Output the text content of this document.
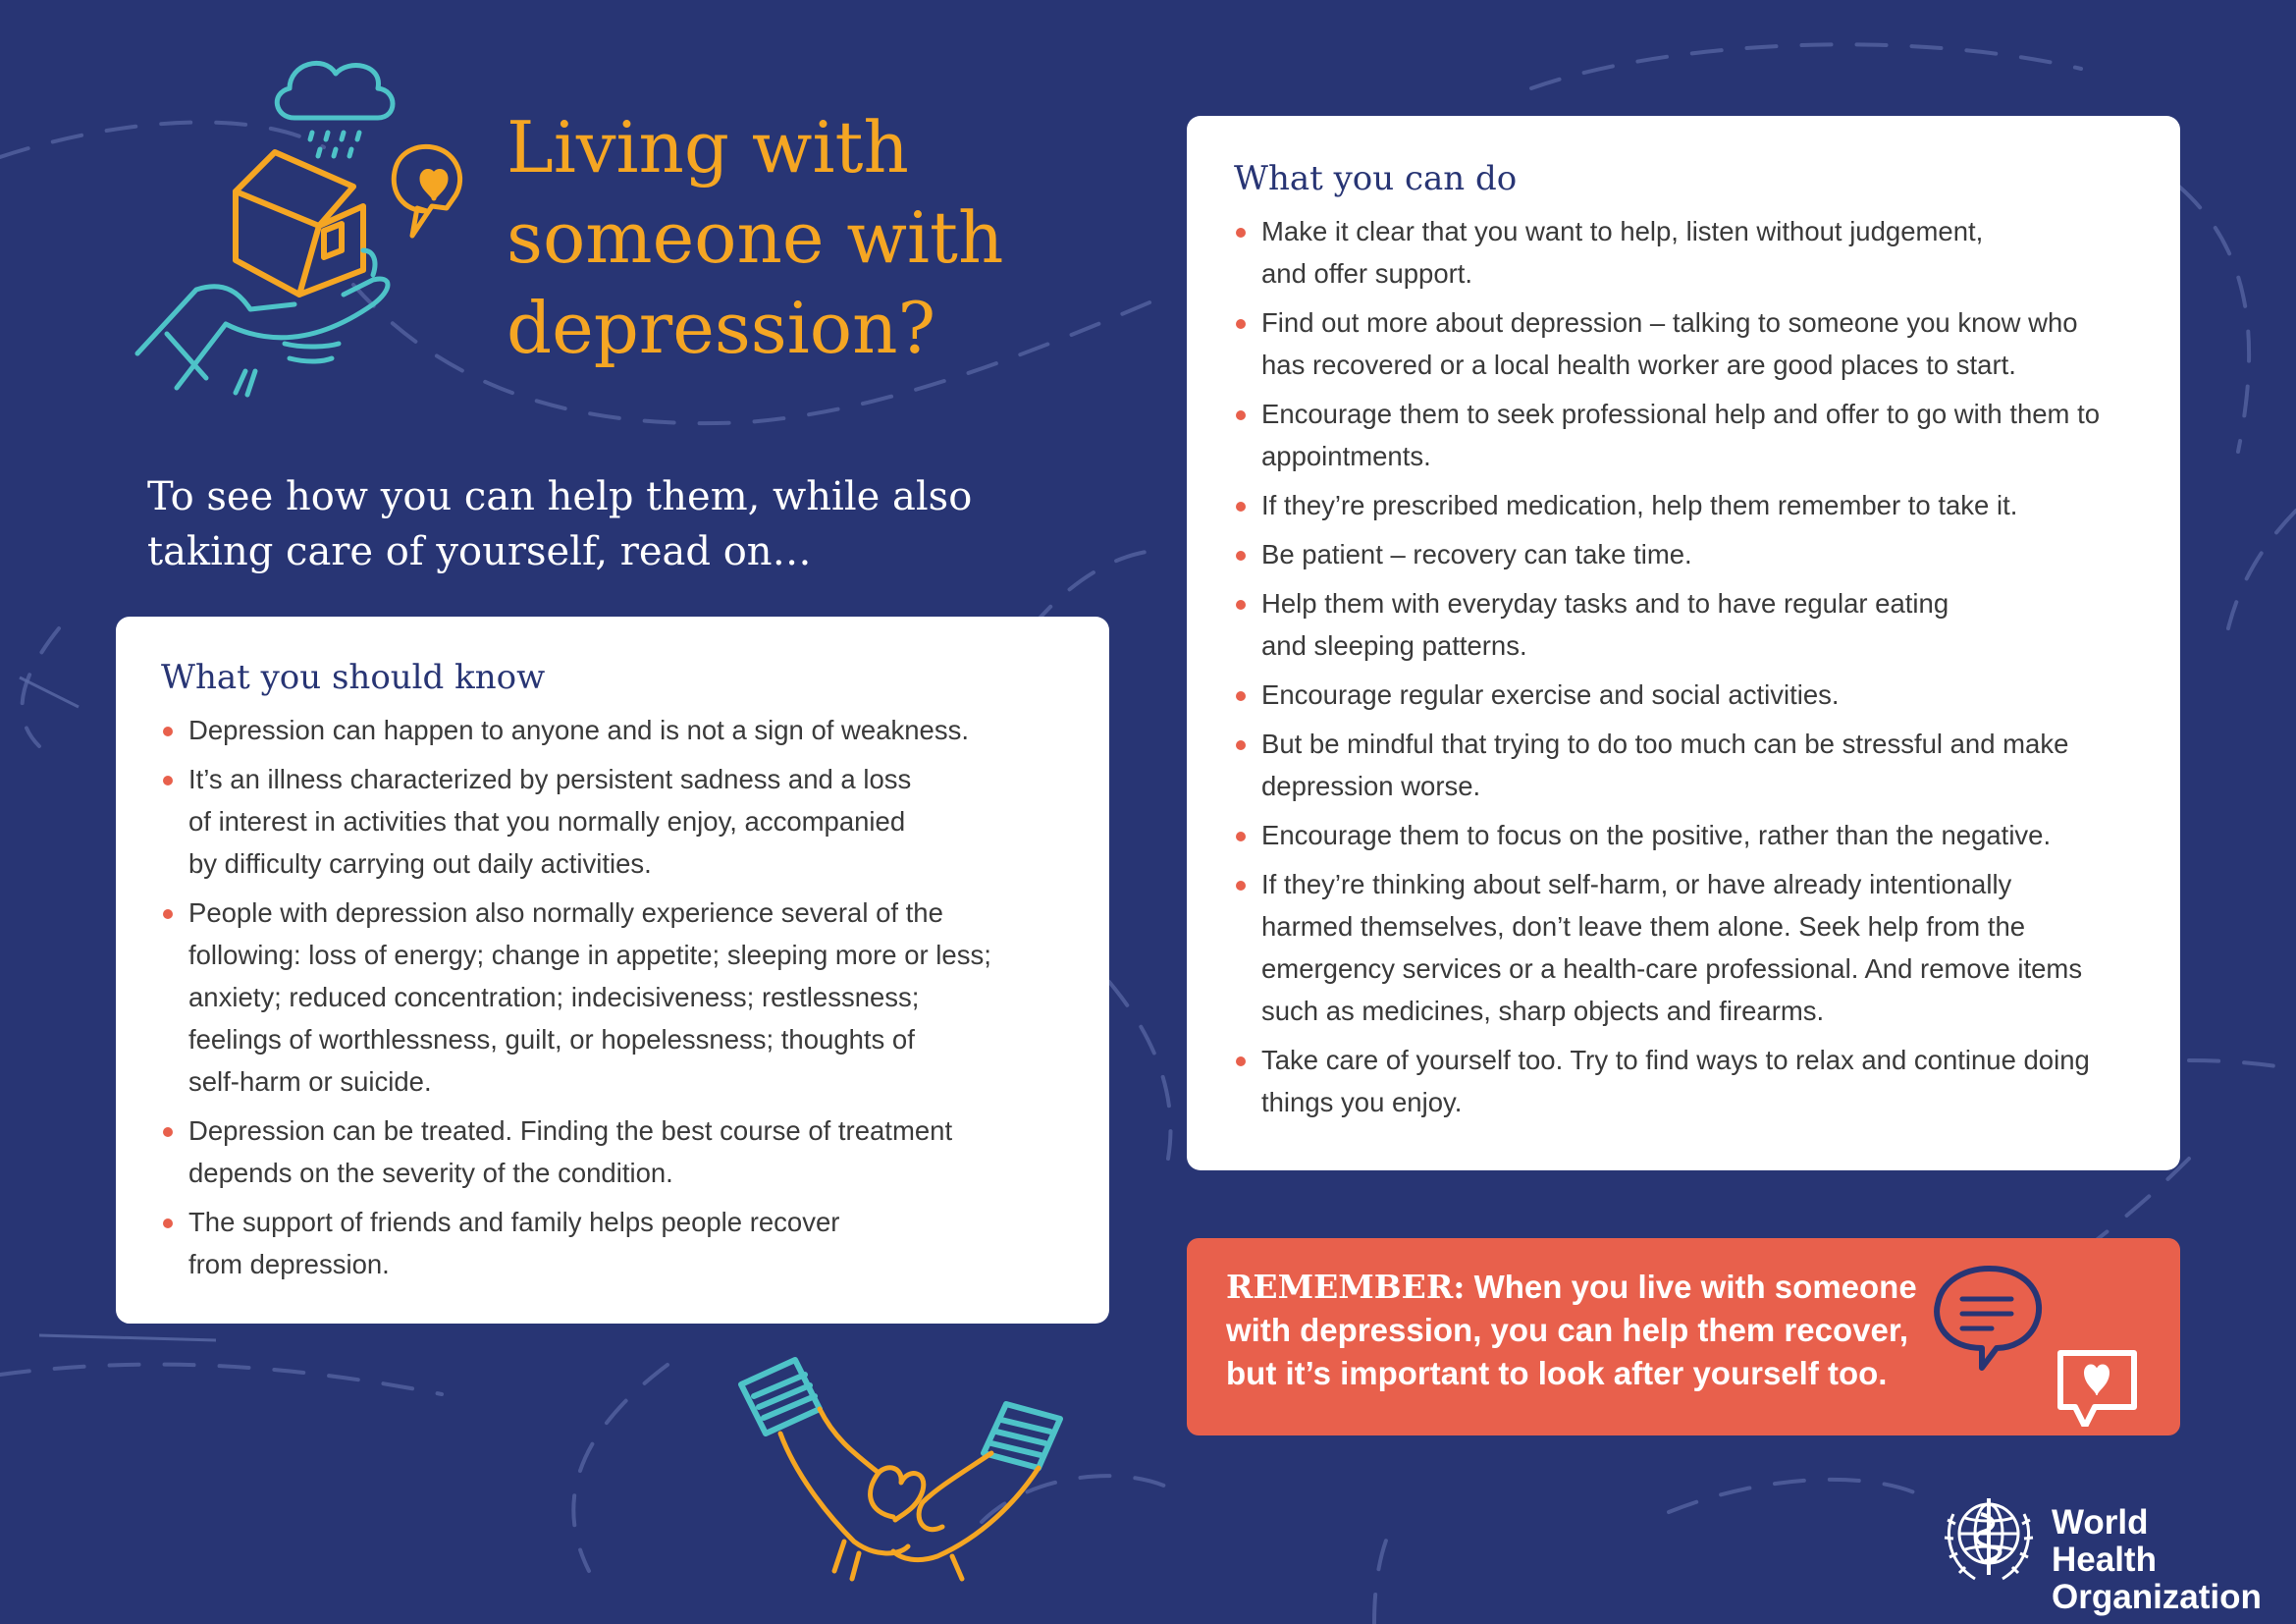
Living with
someone with
depression?
To see how you can help them, while also
taking care of yourself, read on…
What you should know
Depression can happen to anyone and is not a sign of weakness.
It’s an illness characterized by persistent sadness and a loss
of interest in activities that you normally enjoy, accompanied
by difficulty carrying out daily activities.
People with depression also normally experience several of the
following: loss of energy; change in appetite; sleeping more or less;
anxiety; reduced concentration; indecisiveness; restlessness;
feelings of worthlessness, guilt, or hopelessness; thoughts of
self-harm or suicide.
Depression can be treated. Finding the best course of treatment
depends on the severity of the condition.
The support of friends and family helps people recover
from depression.
What you can do
Make it clear that you want to help, listen without judgement,
and offer support.
Find out more about depression – talking to someone you know who
has recovered or a local health worker are good places to start.
Encourage them to seek professional help and offer to go with them to
appointments.
If they’re prescribed medication, help them remember to take it.
Be patient – recovery can take time.
Help them with everyday tasks and to have regular eating
and sleeping patterns.
Encourage regular exercise and social activities.
But be mindful that trying to do too much can be stressful and make
depression worse.
Encourage them to focus on the positive, rather than the negative.
If they’re thinking about self-harm, or have already intentionally
harmed themselves, don’t leave them alone. Seek help from the
emergency services or a health-care professional. And remove items
such as medicines, sharp objects and firearms.
Take care of yourself too. Try to find ways to relax and continue doing
things you enjoy.
REMEMBER: When you live with someone
with depression, you can help them recover,
but it’s important to look after yourself too.
World Health
Organization
